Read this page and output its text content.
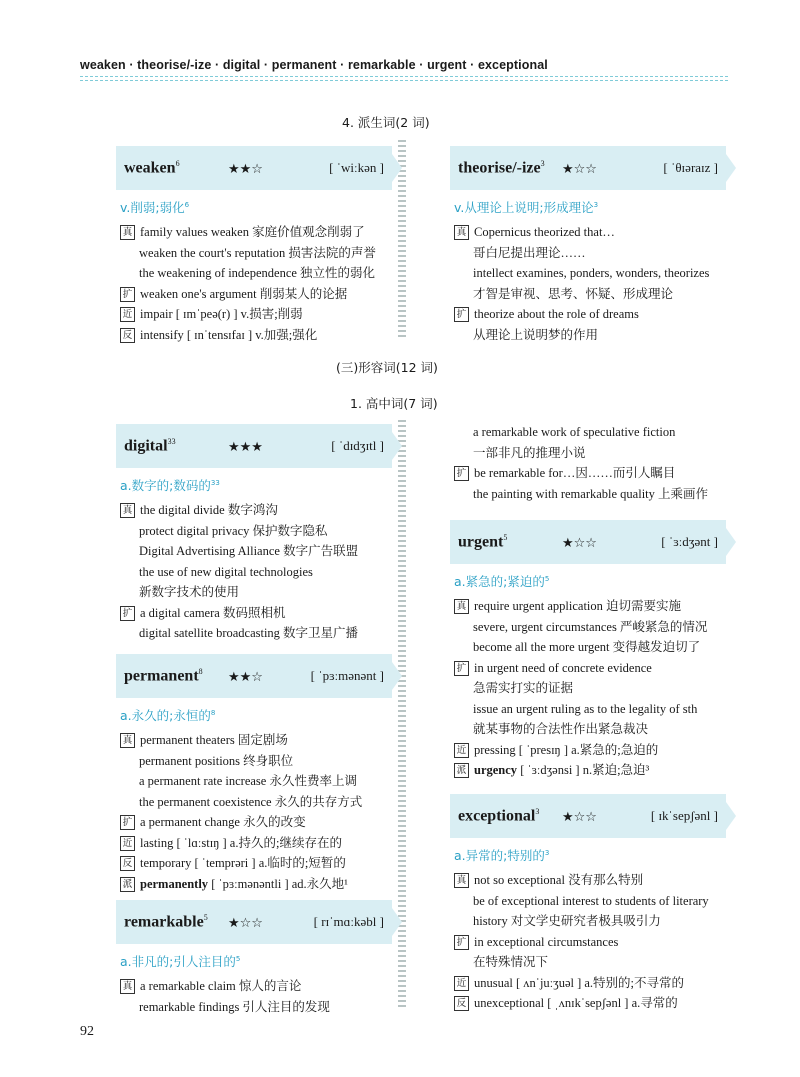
weaken · theorise/-ize · digital · permanent · remarkable · urgent · exceptional
4. 派生词(2 词)
weaken$^6$	★★☆	[ ˈwiːkən ]
v.削弱;弱化$^6$
真 family values weaken 家庭价值观念削弱了
weaken the court's reputation 损害法院的声誉
the weakening of independence 独立性的弱化
扩 weaken one's argument 削弱某人的论据
近 impair [ ɪmˈpeə(r) ] v.损害;削弱
反 intensify [ ɪnˈtensɪfaɪ ] v.加强;强化
theorise/-ize$^3$ ★☆☆	[ ˈθɪəraɪz ]
v.从理论上说明;形成理论$^3$
真 Copernicus theorized that…
哥白尼提出理论……
intellect examines, ponders, wonders, theorizes
才智是审视、思考、怀疑、形成理论
扩 theorize about the role of dreams
从理论上说明梦的作用
(三)形容词(12 词)
1. 高中词(7 词)
digital$^{33}$	★★★	[ ˈdɪdʒɪtl ]
a.数字的;数码的$^{33}$
真 the digital divide 数字鸿沟
protect digital privacy 保护数字隐私
Digital Advertising Alliance 数字广告联盟
the use of new digital technologies
新数字技术的使用
扩 a digital camera 数码照相机
digital satellite broadcasting 数字卫星广播
permanent$^8$ ★★☆	[ ˈpɜːmənənt ]
a.永久的;永恒的$^8$
真 permanent theaters 固定剧场
permanent positions 终身职位
a permanent rate increase 永久性费率上调
the permanent coexistence 永久的共存方式
扩 a permanent change 永久的改变
近 lasting [ ˈlɑːstɪŋ ] a.持久的;继续存在的
反 temporary [ ˈtemprəri ] a.临时的;短暂的
派 permanently [ ˈpɜːmənəntli ] ad.永久地¹
remarkable$^5$ ★☆☆	[ rɪˈmɑːkəbl ]
a.非凡的;引人注目的$^5$
真 a remarkable claim 惊人的言论
remarkable findings 引人注目的发现
a remarkable work of speculative fiction
一部非凡的推理小说
扩 be remarkable for…因……而引人瞩目
the painting with remarkable quality 上乘画作
urgent$^5$	★☆☆	[ ˈɜːdʒənt ]
a.紧急的;紧迫的$^5$
真 require urgent application 迫切需要实施
severe, urgent circumstances 严峻紧急的情况
become all the more urgent 变得越发迫切了
扩 in urgent need of concrete evidence
急需实打实的证据
issue an urgent ruling as to the legality of sth
就某事物的合法性作出紧急裁决
近 pressing [ ˈpresɪŋ ] a.紧急的;急迫的
派 urgency [ ˈɜːdʒənsi ] n.紧迫;急迫³
exceptional$^3$ ★☆☆	[ ɪkˈsepʃənl ]
a.异常的;特别的$^3$
真 not so exceptional 没有那么特别
be of exceptional interest to students of literary
history 对文学史研究者极具吸引力
扩 in exceptional circumstances
在特殊情况下
近 unusual [ ʌnˈjuːʒuəl ] a.特别的;不寻常的
反 unexceptional [ ˌʌnɪkˈsepʃənl ] a.寻常的
92
